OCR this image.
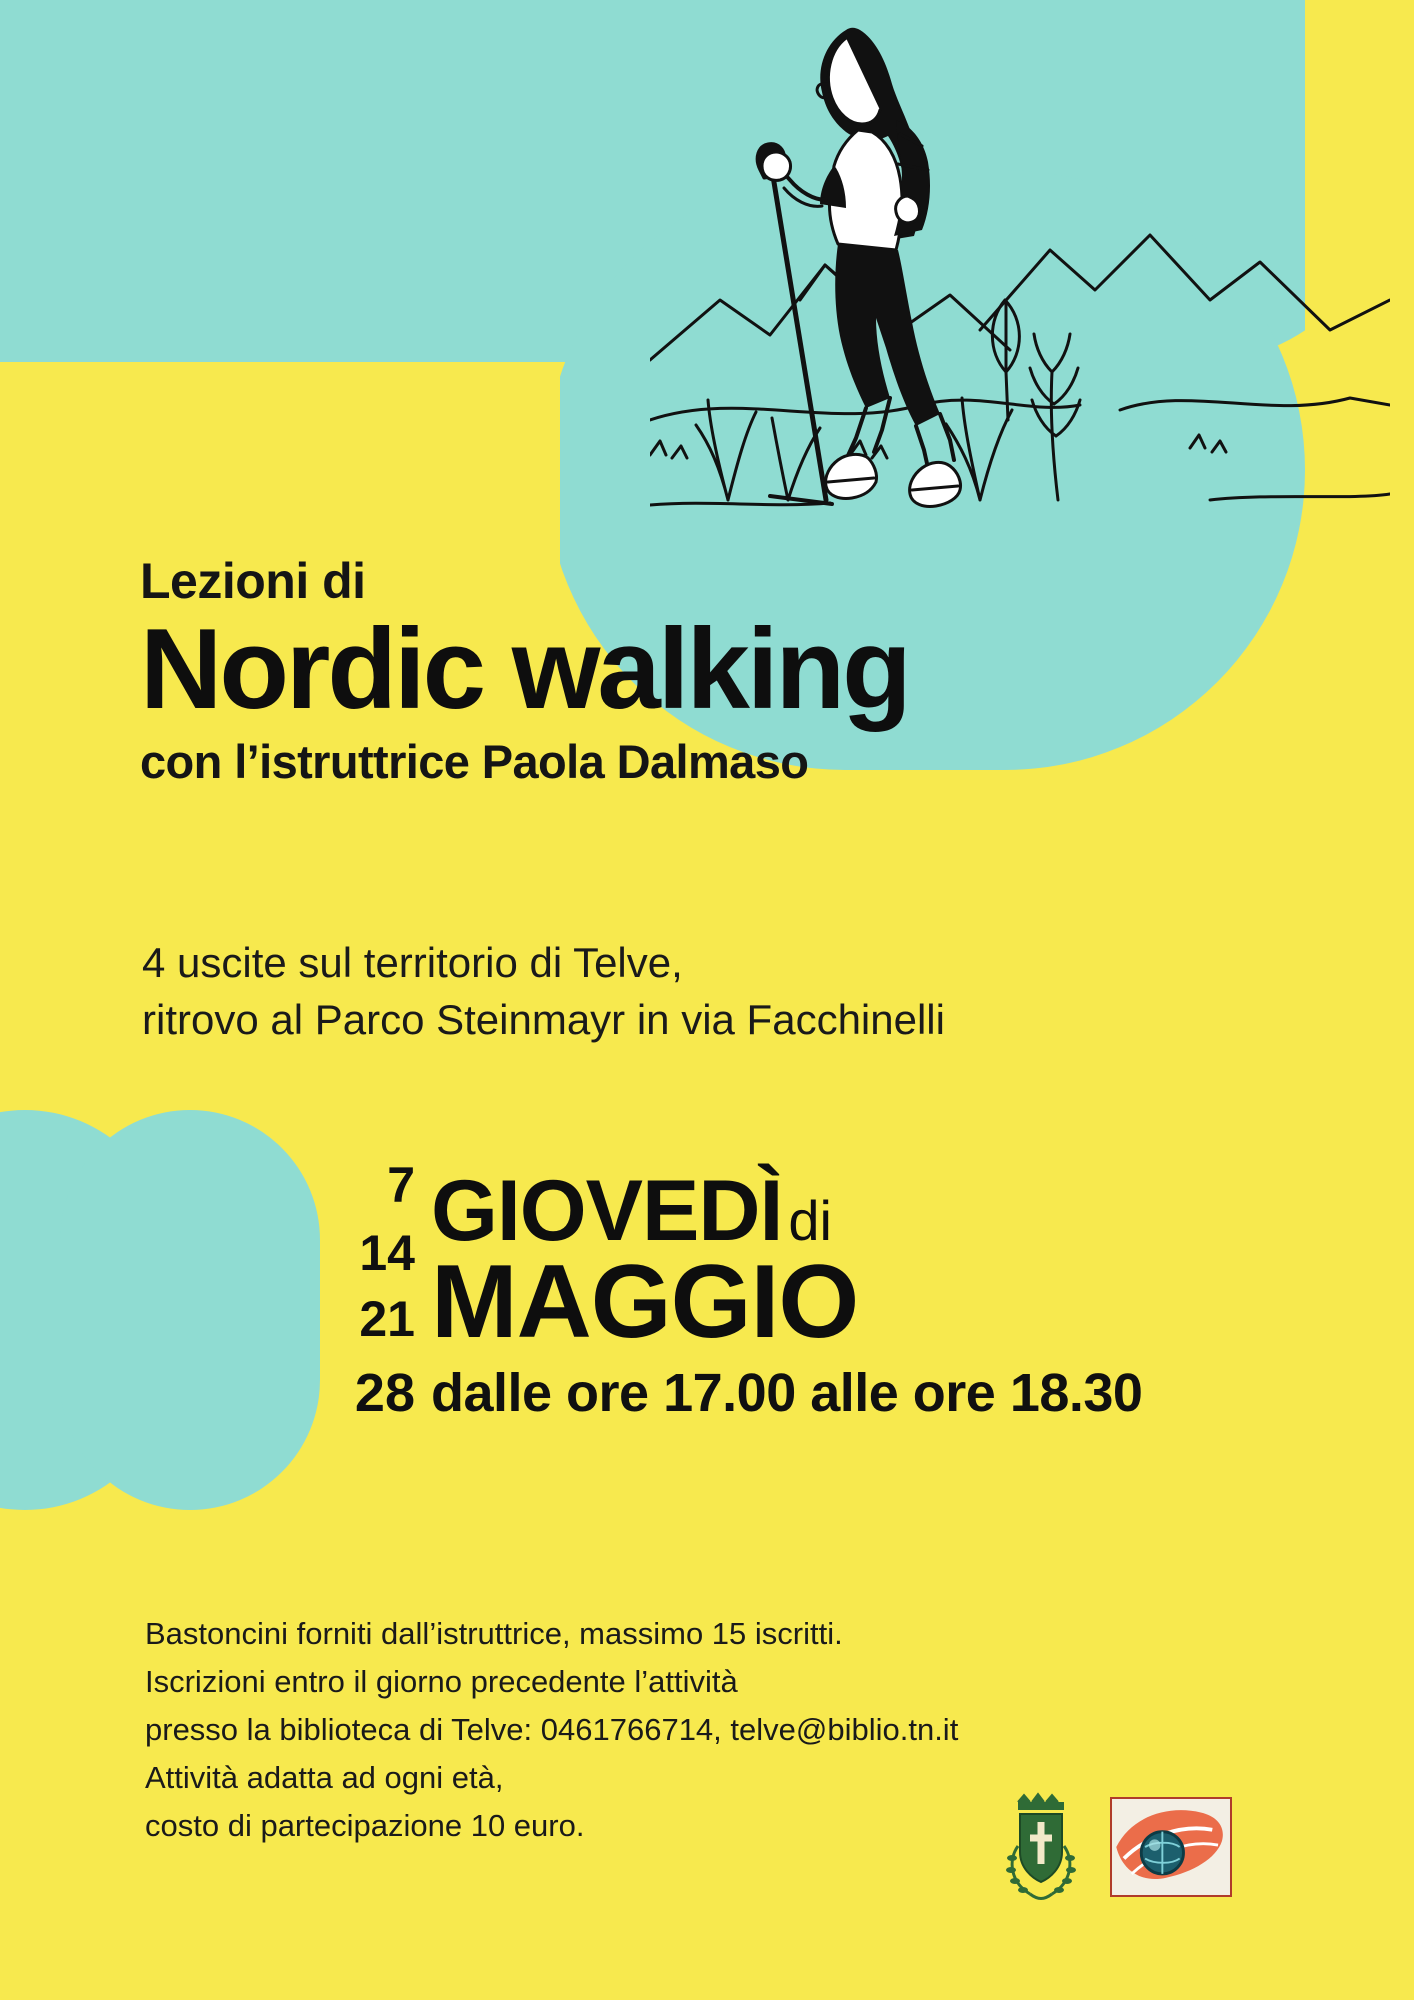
Lezioni di
Nordic walking
con l’istruttrice Paola Dalmaso
4 uscite sul territorio di Telve,
ritrovo al Parco Steinmayr in via Facchinelli
7
14
21
GIOVEDÌ di
MAGGIO
28 dalle ore 17.00 alle ore 18.30
Bastoncini forniti dall’istruttrice, massimo 15 iscritti.
Iscrizioni entro il giorno precedente l’attività
presso la biblioteca di Telve: 0461766714, telve@biblio.tn.it
Attività adatta ad ogni età,
costo di partecipazione 10 euro.
